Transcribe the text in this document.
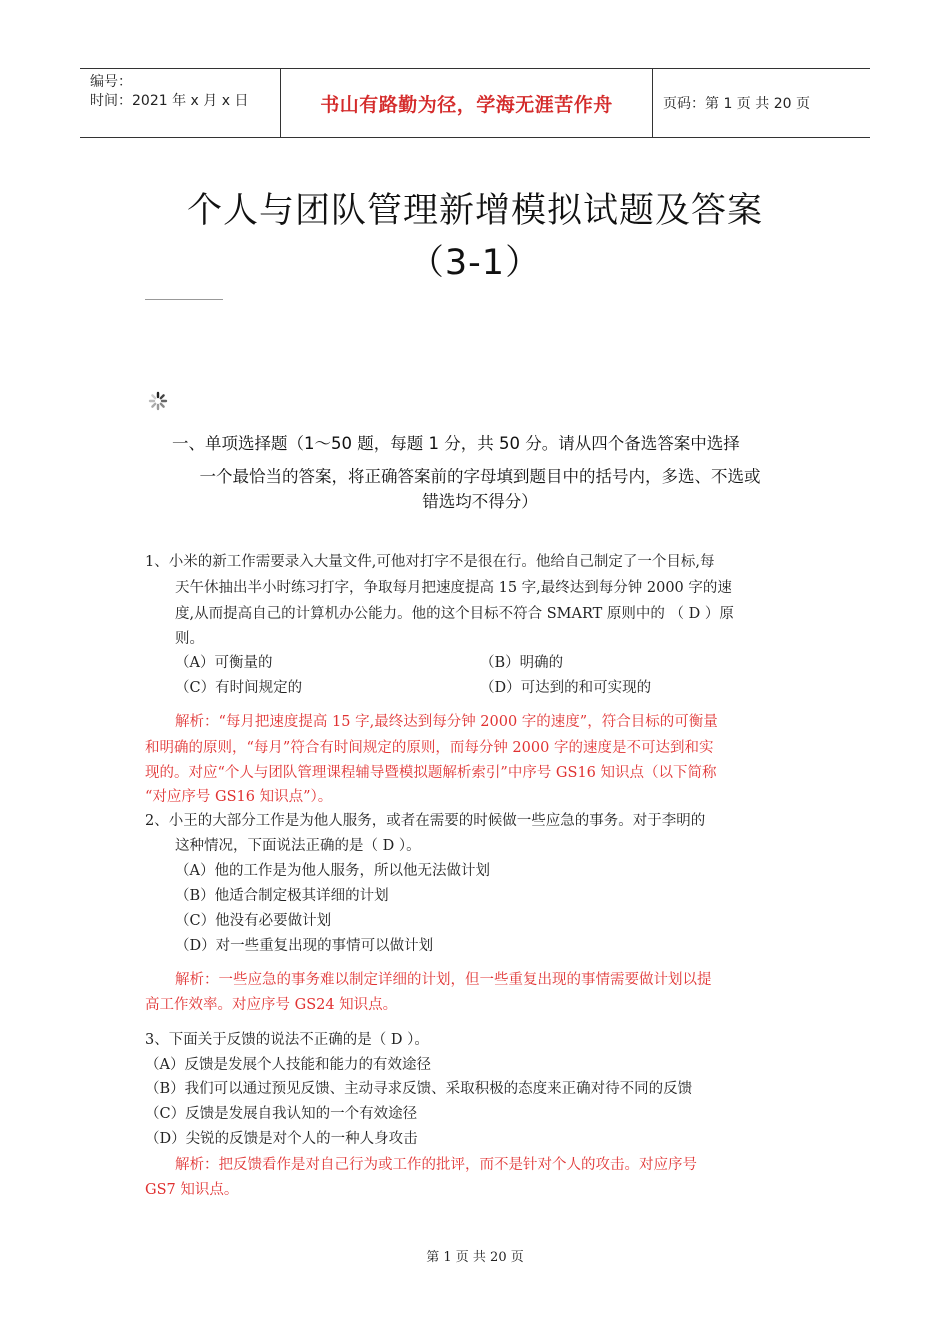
编号：
时间：2021 年 x 月 x 日	书山有路勤为径，学海无涯苦作舟	页码：第 1 页 共 20 页
个人与团队管理新增模拟试题及答案
（3-1）
一、单项选择题（1～50 题，每题 1 分，共 50 分。请从四个备选答案中选择
一个最恰当的答案，将正确答案前的字母填到题目中的括号内，多选、不选或
错选均不得分）
1、小米的新工作需要录入大量文件,可他对打字不是很在行。他给自己制定了一个目标,每
天午休抽出半小时练习打字，争取每月把速度提高 15 字,最终达到每分钟 2000 字的速
度,从而提高自己的计算机办公能力。他的这个目标不符合 SMART 原则中的 （ D ）原
则。
（A）可衡量的	（B）明确的
（C）有时间规定的	（D）可达到的和可实现的
解析：“每月把速度提高 15 字,最终达到每分钟 2000 字的速度”，符合目标的可衡量
和明确的原则，“每月”符合有时间规定的原则，而每分钟 2000 字的速度是不可达到和实
现的。对应“个人与团队管理课程辅导暨模拟题解析索引”中序号 GS16 知识点（以下简称
“对应序号 GS16 知识点”）。
2、小王的大部分工作是为他人服务，或者在需要的时候做一些应急的事务。对于李明的
这种情况，下面说法正确的是（ D ）。
（A）他的工作是为他人服务，所以他无法做计划
（B）他适合制定极其详细的计划
（C）他没有必要做计划
（D）对一些重复出现的事情可以做计划
解析：一些应急的事务难以制定详细的计划，但一些重复出现的事情需要做计划以提
高工作效率。对应序号 GS24 知识点。
3、下面关于反馈的说法不正确的是（ D ）。
（A）反馈是发展个人技能和能力的有效途径
（B）我们可以通过预见反馈、主动寻求反馈、采取积极的态度来正确对待不同的反馈
（C）反馈是发展自我认知的一个有效途径
（D）尖锐的反馈是对个人的一种人身攻击
解析：把反馈看作是对自己行为或工作的批评，而不是针对个人的攻击。对应序号
GS7 知识点。
第 1 页 共 20 页
